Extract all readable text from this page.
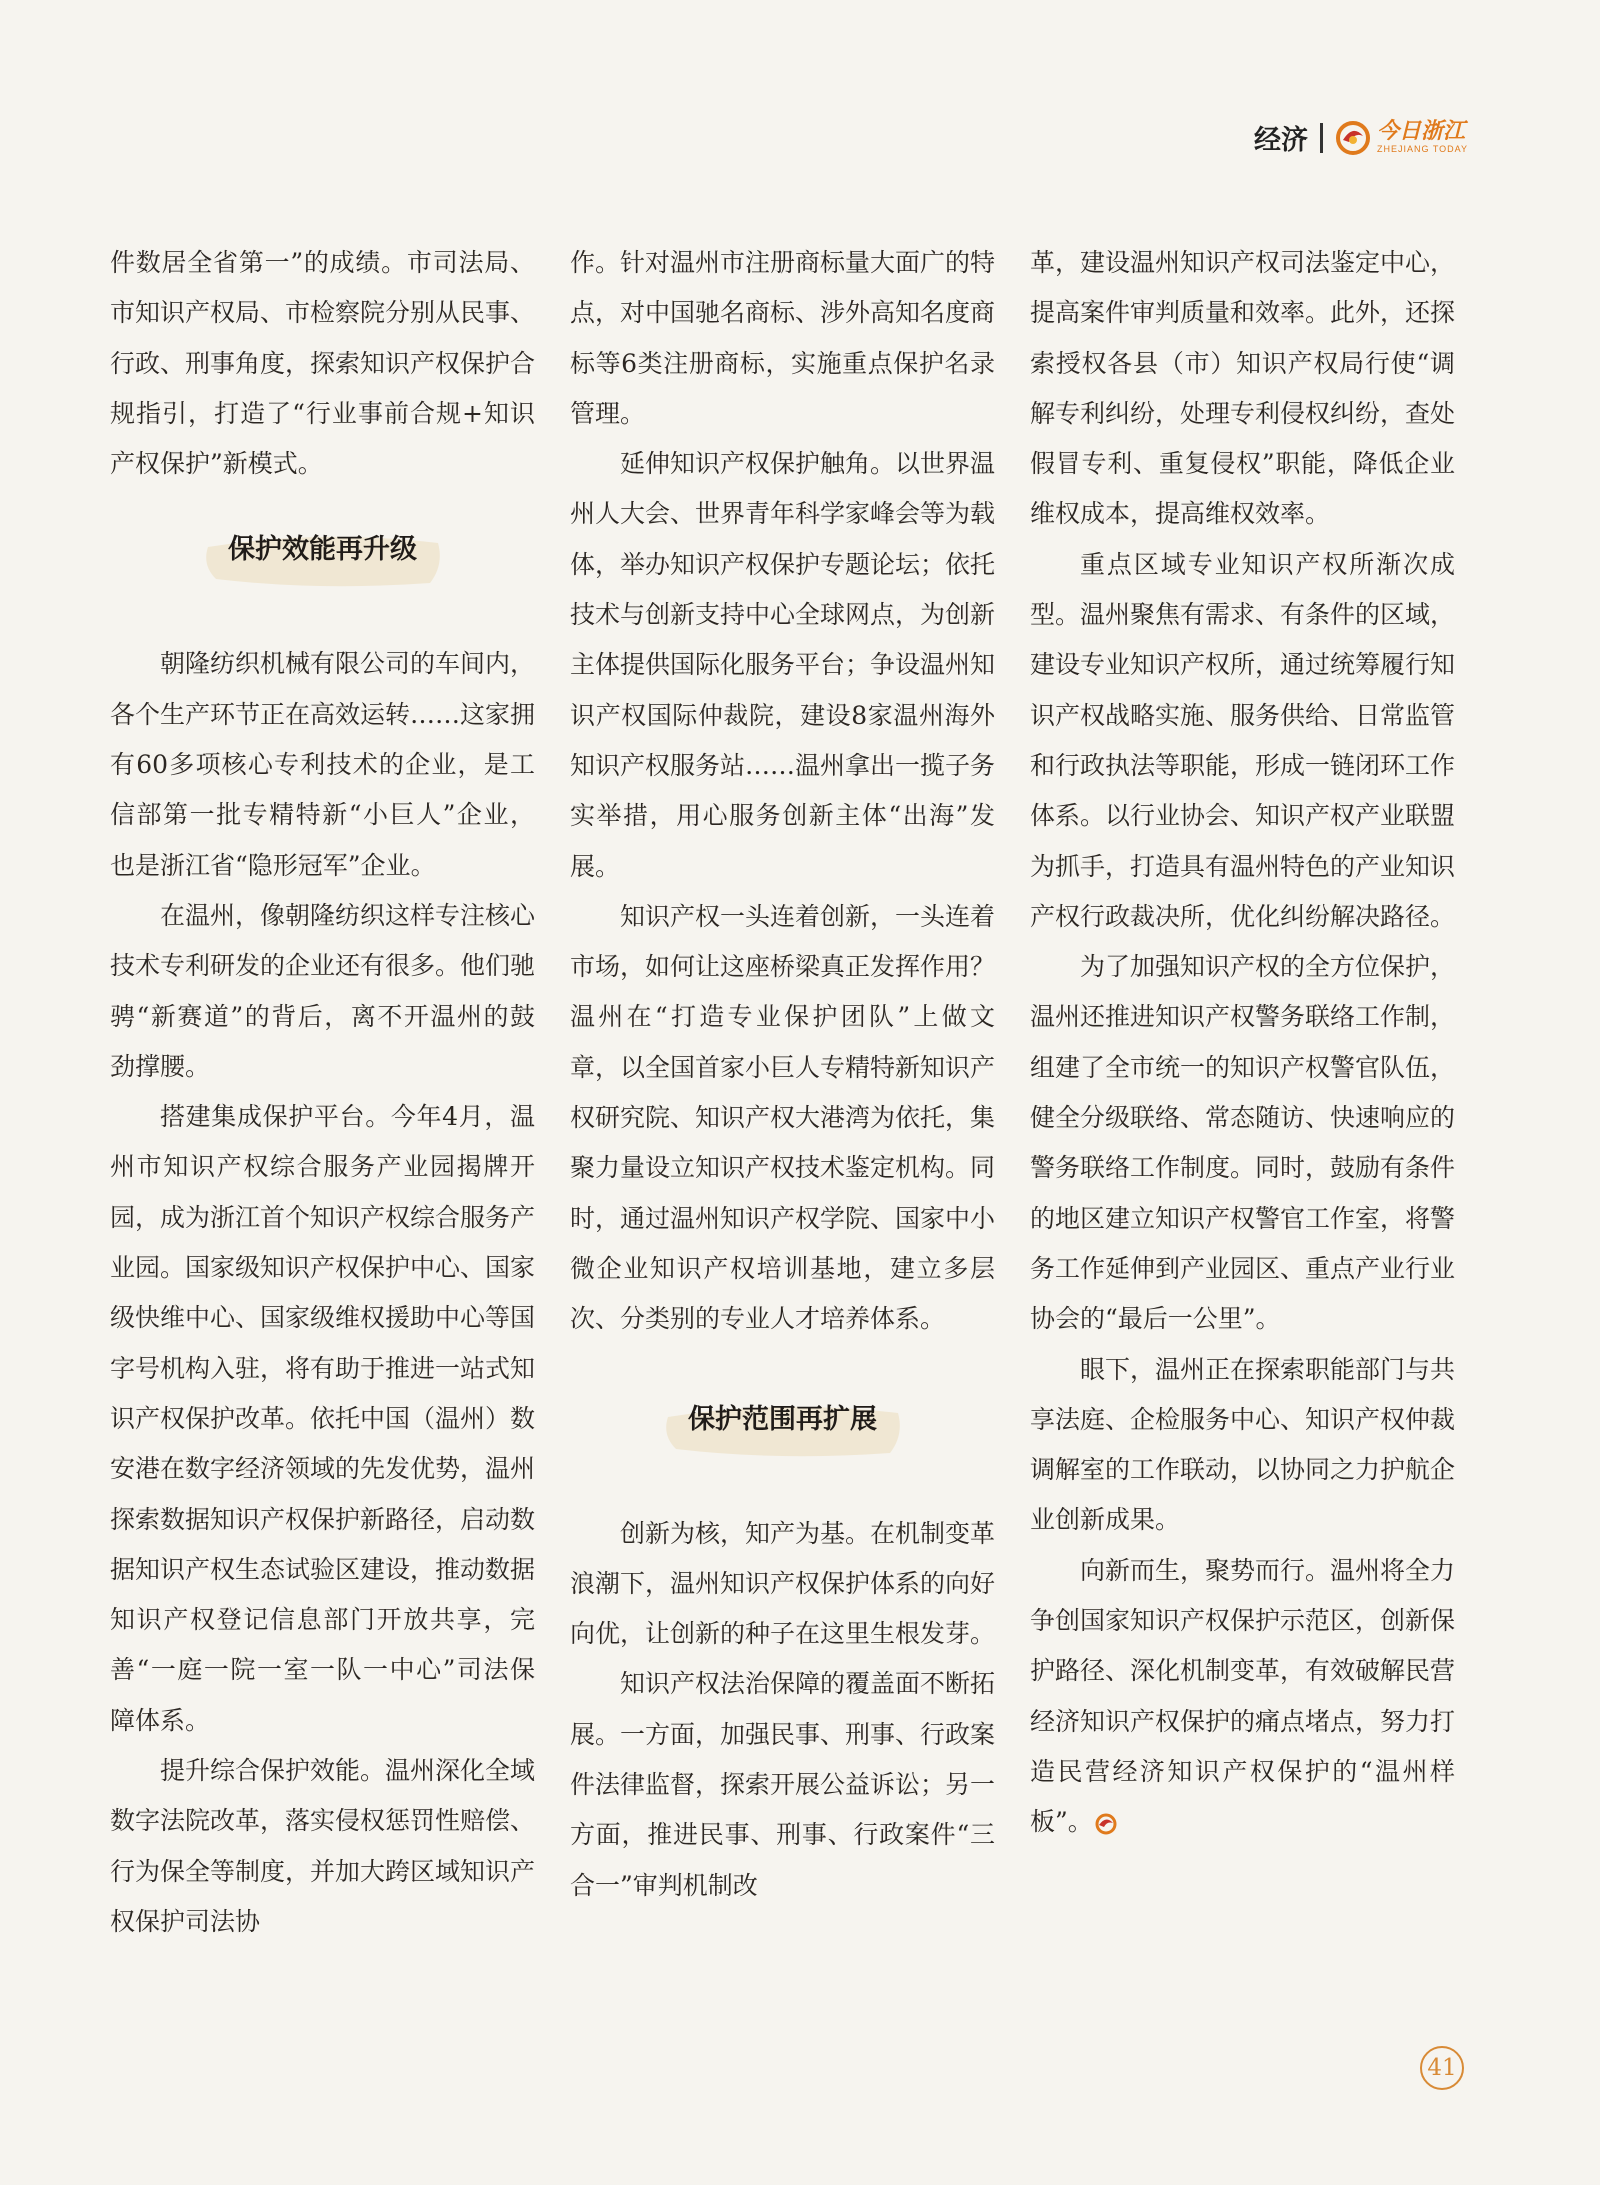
经济	今日浙江
ZHEJIANG TODAY

件数居全省第一”的成绩。市司法局、市知识产权局、市检察院分别从民事、行政、刑事角度，探索知识产权保护合规指引，打造了“行业事前合规+知识产权保护”新模式。

保护效能再升级

朝隆纺织机械有限公司的车间内，各个生产环节正在高效运转……这家拥有60多项核心专利技术的企业，是工信部第一批专精特新“小巨人”企业，也是浙江省“隐形冠军”企业。

在温州，像朝隆纺织这样专注核心技术专利研发的企业还有很多。他们驰骋“新赛道”的背后，离不开温州的鼓劲撑腰。

搭建集成保护平台。今年4月，温州市知识产权综合服务产业园揭牌开园，成为浙江首个知识产权综合服务产业园。国家级知识产权保护中心、国家级快维中心、国家级维权援助中心等国字号机构入驻，将有助于推进一站式知识产权保护改革。依托中国（温州）数安港在数字经济领域的先发优势，温州探索数据知识产权保护新路径，启动数据知识产权生态试验区建设，推动数据知识产权登记信息部门开放共享，完善“一庭一院一室一队一中心”司法保障体系。

提升综合保护效能。温州深化全域数字法院改革，落实侵权惩罚性赔偿、行为保全等制度，并加大跨区域知识产权保护司法协

作。针对温州市注册商标量大面广的特点，对中国驰名商标、涉外高知名度商标等6类注册商标，实施重点保护名录管理。

延伸知识产权保护触角。以世界温州人大会、世界青年科学家峰会等为载体，举办知识产权保护专题论坛；依托技术与创新支持中心全球网点，为创新主体提供国际化服务平台；争设温州知识产权国际仲裁院，建设8家温州海外知识产权服务站……温州拿出一揽子务实举措，用心服务创新主体“出海”发展。

知识产权一头连着创新，一头连着市场，如何让这座桥梁真正发挥作用？温州在“打造专业保护团队”上做文章，以全国首家小巨人专精特新知识产权研究院、知识产权大港湾为依托，集聚力量设立知识产权技术鉴定机构。同时，通过温州知识产权学院、国家中小微企业知识产权培训基地，建立多层次、分类别的专业人才培养体系。

保护范围再扩展

创新为核，知产为基。在机制变革浪潮下，温州知识产权保护体系的向好向优，让创新的种子在这里生根发芽。

知识产权法治保障的覆盖面不断拓展。一方面，加强民事、刑事、行政案件法律监督，探索开展公益诉讼；另一方面，推进民事、刑事、行政案件“三合一”审判机制改

革，建设温州知识产权司法鉴定中心，提高案件审判质量和效率。此外，还探索授权各县（市）知识产权局行使“调解专利纠纷，处理专利侵权纠纷，查处假冒专利、重复侵权”职能，降低企业维权成本，提高维权效率。

重点区域专业知识产权所渐次成型。温州聚焦有需求、有条件的区域，建设专业知识产权所，通过统筹履行知识产权战略实施、服务供给、日常监管和行政执法等职能，形成一链闭环工作体系。以行业协会、知识产权产业联盟为抓手，打造具有温州特色的产业知识产权行政裁决所，优化纠纷解决路径。

为了加强知识产权的全方位保护，温州还推进知识产权警务联络工作制，组建了全市统一的知识产权警官队伍，健全分级联络、常态随访、快速响应的警务联络工作制度。同时，鼓励有条件的地区建立知识产权警官工作室，将警务工作延伸到产业园区、重点产业行业协会的“最后一公里”。

眼下，温州正在探索职能部门与共享法庭、企检服务中心、知识产权仲裁调解室的工作联动，以协同之力护航企业创新成果。

向新而生，聚势而行。温州将全力争创国家知识产权保护示范区，创新保护路径、深化机制变革，有效破解民营经济知识产权保护的痛点堵点，努力打造民营经济知识产权保护的“温州样板”。

41
